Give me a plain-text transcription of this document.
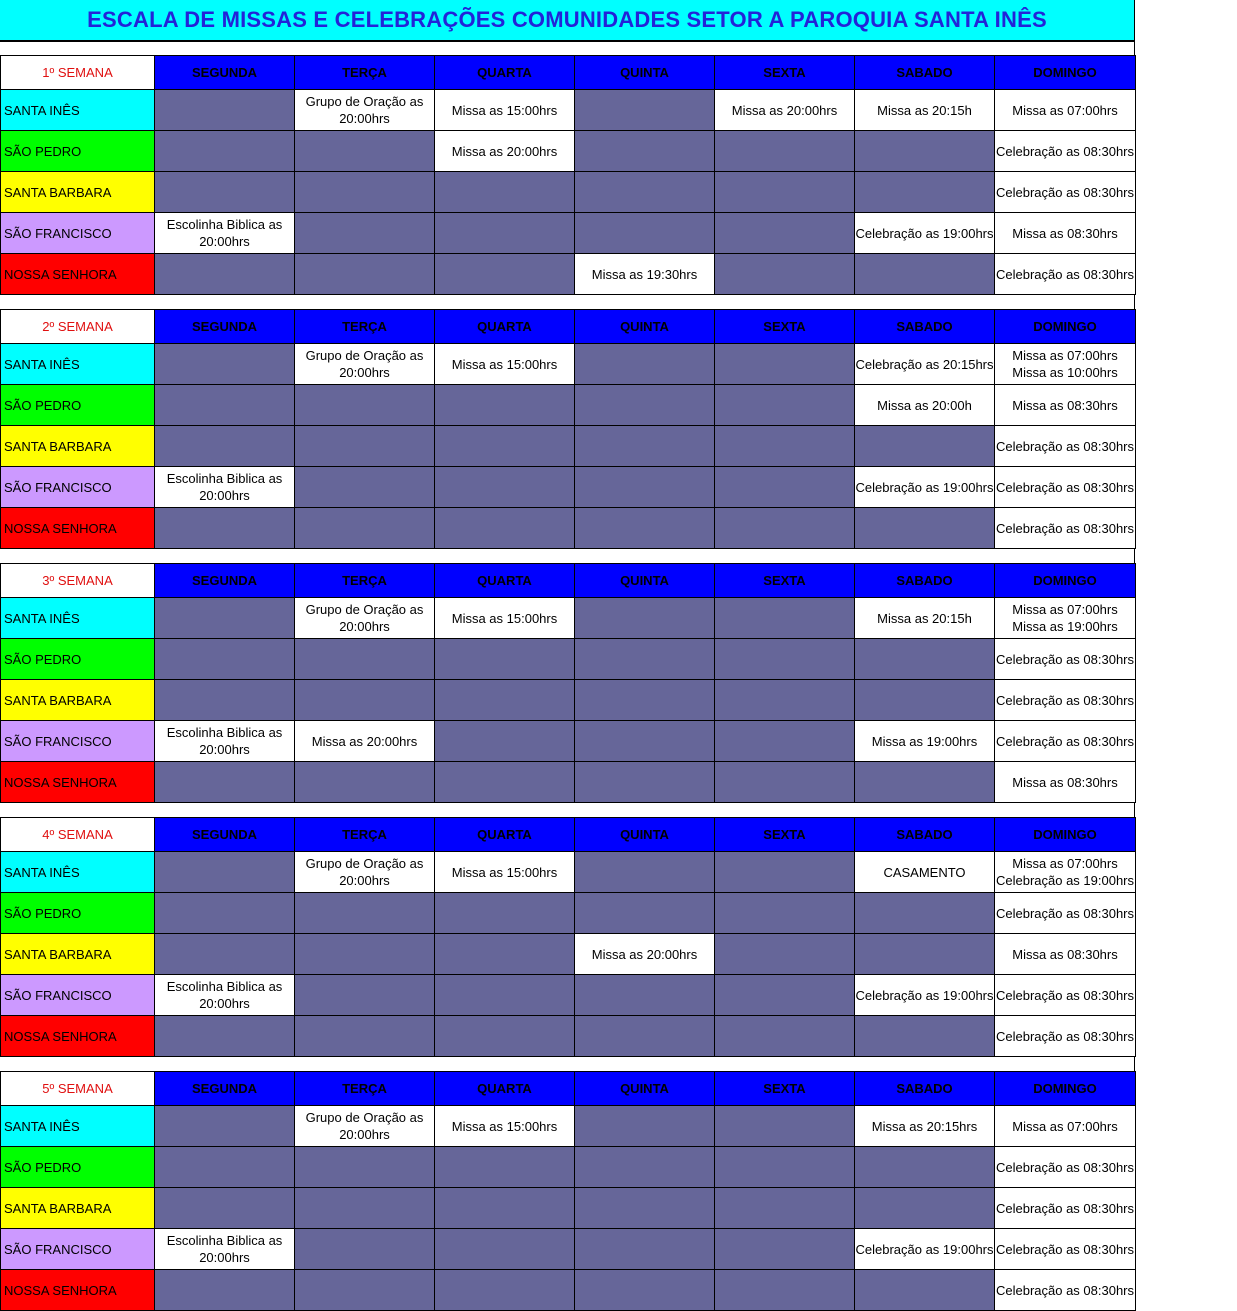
ESCALA DE MISSAS E CELEBRAÇÕES COMUNIDADES SETOR A PAROQUIA SANTA INÊS
1º SEMANA	SEGUNDA	TERÇA	QUARTA	QUINTA	SEXTA	SABADO	DOMINGO
SANTA INÊS		Grupo de Oração as 20:00hrs	Missa as 15:00hrs		Missa as 20:00hrs	Missa as 20:15h	Missa as 07:00hrs

SÃO PEDRO			Missa as 20:00hrs				Celebração as 08:30hrs

SANTA BARBARA							Celebração as 08:30hrs

SÃO FRANCISCO	Escolinha Biblica as 20:00hrs					Celebração as 19:00hrs	Missa as 08:30hrs

NOSSA SENHORA				Missa as 19:30hrs			Celebração as 08:30hrs
2º SEMANA	SEGUNDA	TERÇA	QUARTA	QUINTA	SEXTA	SABADO	DOMINGO
SANTA INÊS		Grupo de Oração as 20:00hrs	Missa as 15:00hrs			Celebração as 20:15hrs	Missa as 07:00hrs Missa as 10:00hrs

SÃO PEDRO						Missa as 20:00h	Missa as 08:30hrs

SANTA BARBARA							Celebração as 08:30hrs

SÃO FRANCISCO	Escolinha Biblica as 20:00hrs					Celebração as 19:00hrs	Celebração as 08:30hrs

NOSSA SENHORA							Celebração as 08:30hrs
3º SEMANA	SEGUNDA	TERÇA	QUARTA	QUINTA	SEXTA	SABADO	DOMINGO
SANTA INÊS		Grupo de Oração as 20:00hrs	Missa as 15:00hrs			Missa as 20:15h	Missa as 07:00hrs Missa as 19:00hrs

SÃO PEDRO							Celebração as 08:30hrs

SANTA BARBARA							Celebração as 08:30hrs

SÃO FRANCISCO	Escolinha Biblica as 20:00hrs	Missa as 20:00hrs				Missa as 19:00hrs	Celebração as 08:30hrs

NOSSA SENHORA							Missa as 08:30hrs
4º SEMANA	SEGUNDA	TERÇA	QUARTA	QUINTA	SEXTA	SABADO	DOMINGO
SANTA INÊS		Grupo de Oração as 20:00hrs	Missa as 15:00hrs			CASAMENTO	Missa as 07:00hrs Celebração as 19:00hrs

SÃO PEDRO							Celebração as 08:30hrs

SANTA BARBARA				Missa as 20:00hrs			Missa as 08:30hrs

SÃO FRANCISCO	Escolinha Biblica as 20:00hrs					Celebração as 19:00hrs	Celebração as 08:30hrs

NOSSA SENHORA							Celebração as 08:30hrs
5º SEMANA	SEGUNDA	TERÇA	QUARTA	QUINTA	SEXTA	SABADO	DOMINGO
SANTA INÊS		Grupo de Oração as 20:00hrs	Missa as 15:00hrs			Missa as 20:15hrs	Missa as 07:00hrs

SÃO PEDRO							Celebração as 08:30hrs

SANTA BARBARA							Celebração as 08:30hrs

SÃO FRANCISCO	Escolinha Biblica as 20:00hrs					Celebração as 19:00hrs	Celebração as 08:30hrs

NOSSA SENHORA							Celebração as 08:30hrs
